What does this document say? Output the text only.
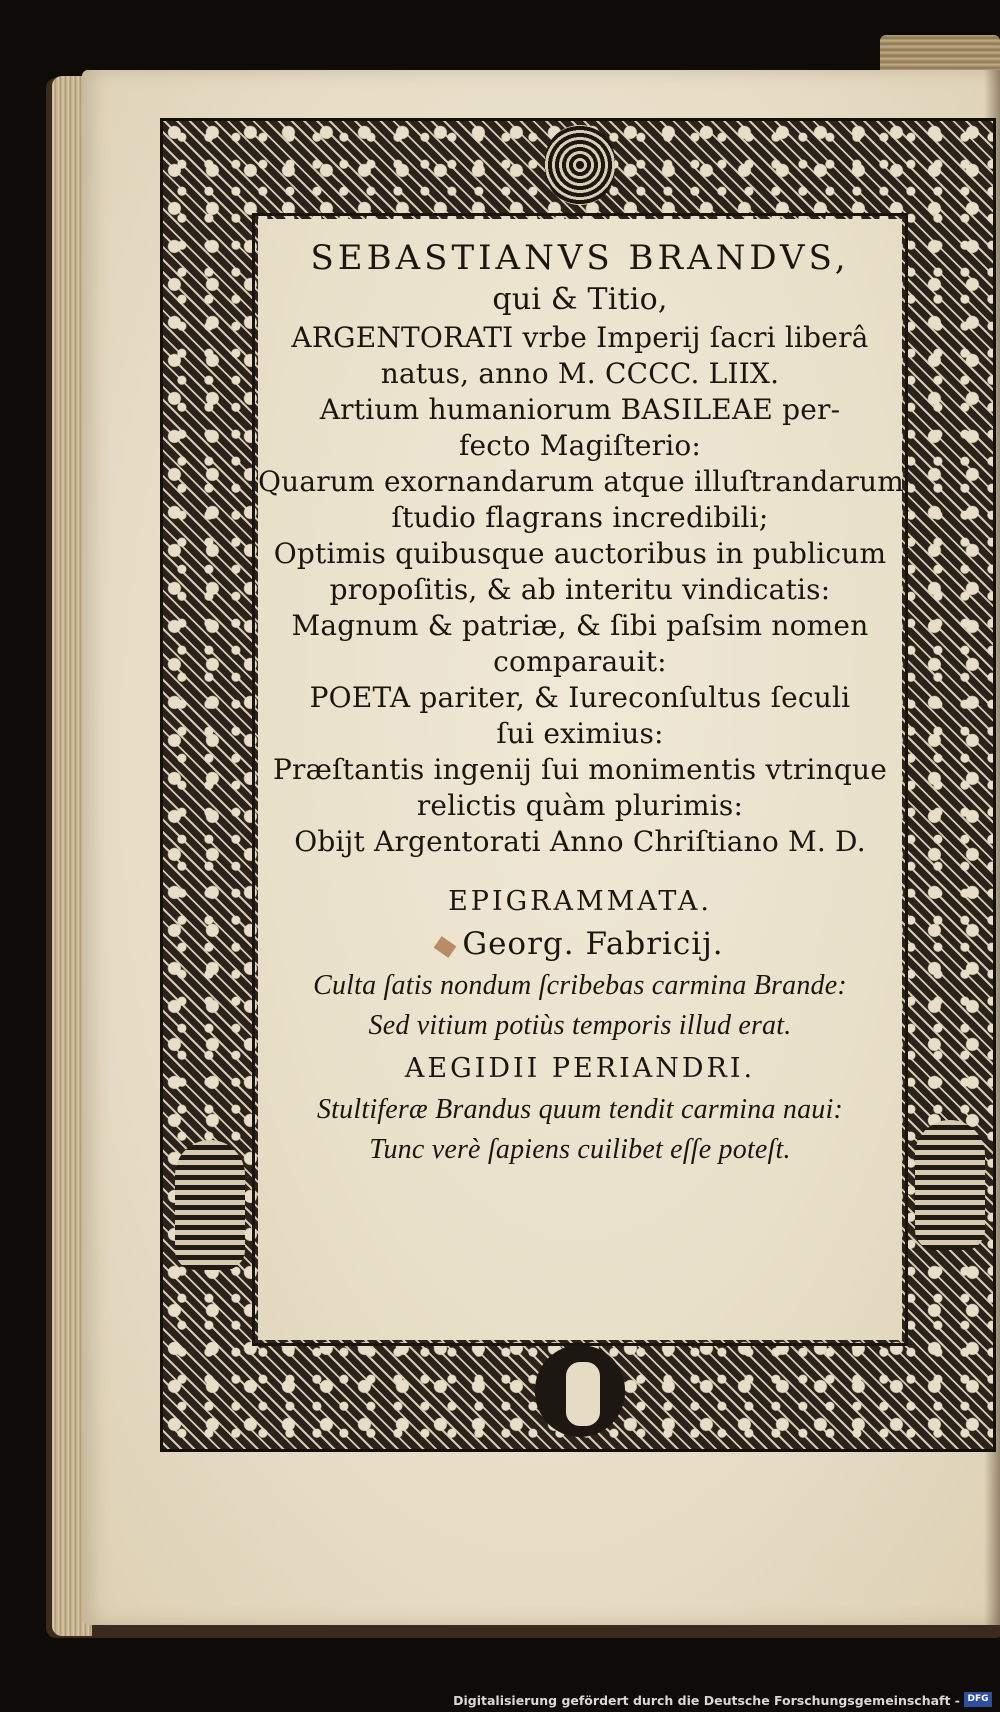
SEBASTIANVS BRANDVS,
qui & Titio,
ARGENTORATI vrbe Imperij ſacri liberâ
natus, anno M. CCCC. LIIX.
Artium humaniorum BASILEAE per-
fecto Magiſterio:
Quarum exornandarum atque illuſtrandarum
ſtudio flagrans incredibili;
Optimis quibusque auctoribus in publicum
propoſitis, & ab interitu vindicatis:
Magnum & patriæ, & ſibi paſsim nomen
comparauit:
POETA pariter, & Iureconſultus ſeculi
ſui eximius:
Præſtantis ingenij ſui monimentis vtrinque
relictis quàm plurimis:
Obijt Argentorati Anno Chriſtiano M. D.
EPIGRAMMATA.
Georg. Fabricij.
Culta ſatis nondum ſcribebas carmina Brande:
Sed vitium potiùs temporis illud erat.
AEGIDII PERIANDRI.
Stultiferæ Brandus quum tendit carmina naui:
Tunc verè ſapiens cuilibet eſſe poteſt.
Digitalisierung gefördert durch die Deutsche Forschungsgemeinschaft - DFG
